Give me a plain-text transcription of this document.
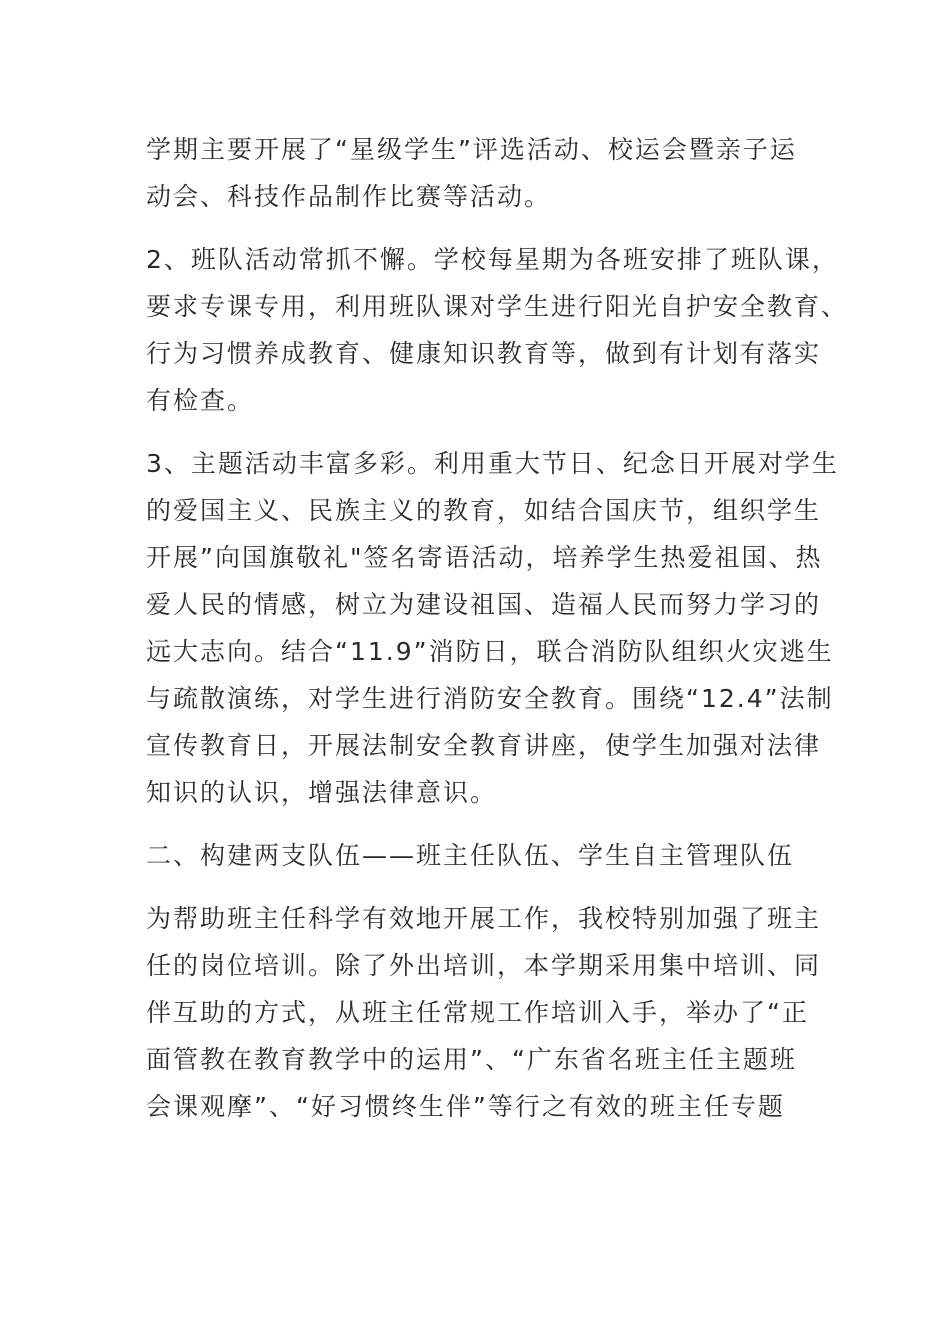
学期主要开展了“星级学生”评选活动、校运会暨亲子运
动会、科技作品制作比赛等活动。
2、班队活动常抓不懈。学校每星期为各班安排了班队课，
要求专课专用，利用班队课对学生进行阳光自护安全教育、
行为习惯养成教育、健康知识教育等，做到有计划有落实
有检查。
3、主题活动丰富多彩。利用重大节日、纪念日开展对学生
的爱国主义、民族主义的教育，如结合国庆节，组织学生
开展”向国旗敬礼"签名寄语活动，培养学生热爱祖国、热
爱人民的情感，树立为建设祖国、造福人民而努力学习的
远大志向。结合“11.9”消防日，联合消防队组织火灾逃生
与疏散演练，对学生进行消防安全教育。围绕“12.4”法制
宣传教育日，开展法制安全教育讲座，使学生加强对法律
知识的认识，增强法律意识。
二、构建两支队伍——班主任队伍、学生自主管理队伍
为帮助班主任科学有效地开展工作，我校特别加强了班主
任的岗位培训。除了外出培训，本学期采用集中培训、同
伴互助的方式，从班主任常规工作培训入手，举办了“正
面管教在教育教学中的运用”、“广东省名班主任主题班
会课观摩”、“好习惯终生伴”等行之有效的班主任专题
